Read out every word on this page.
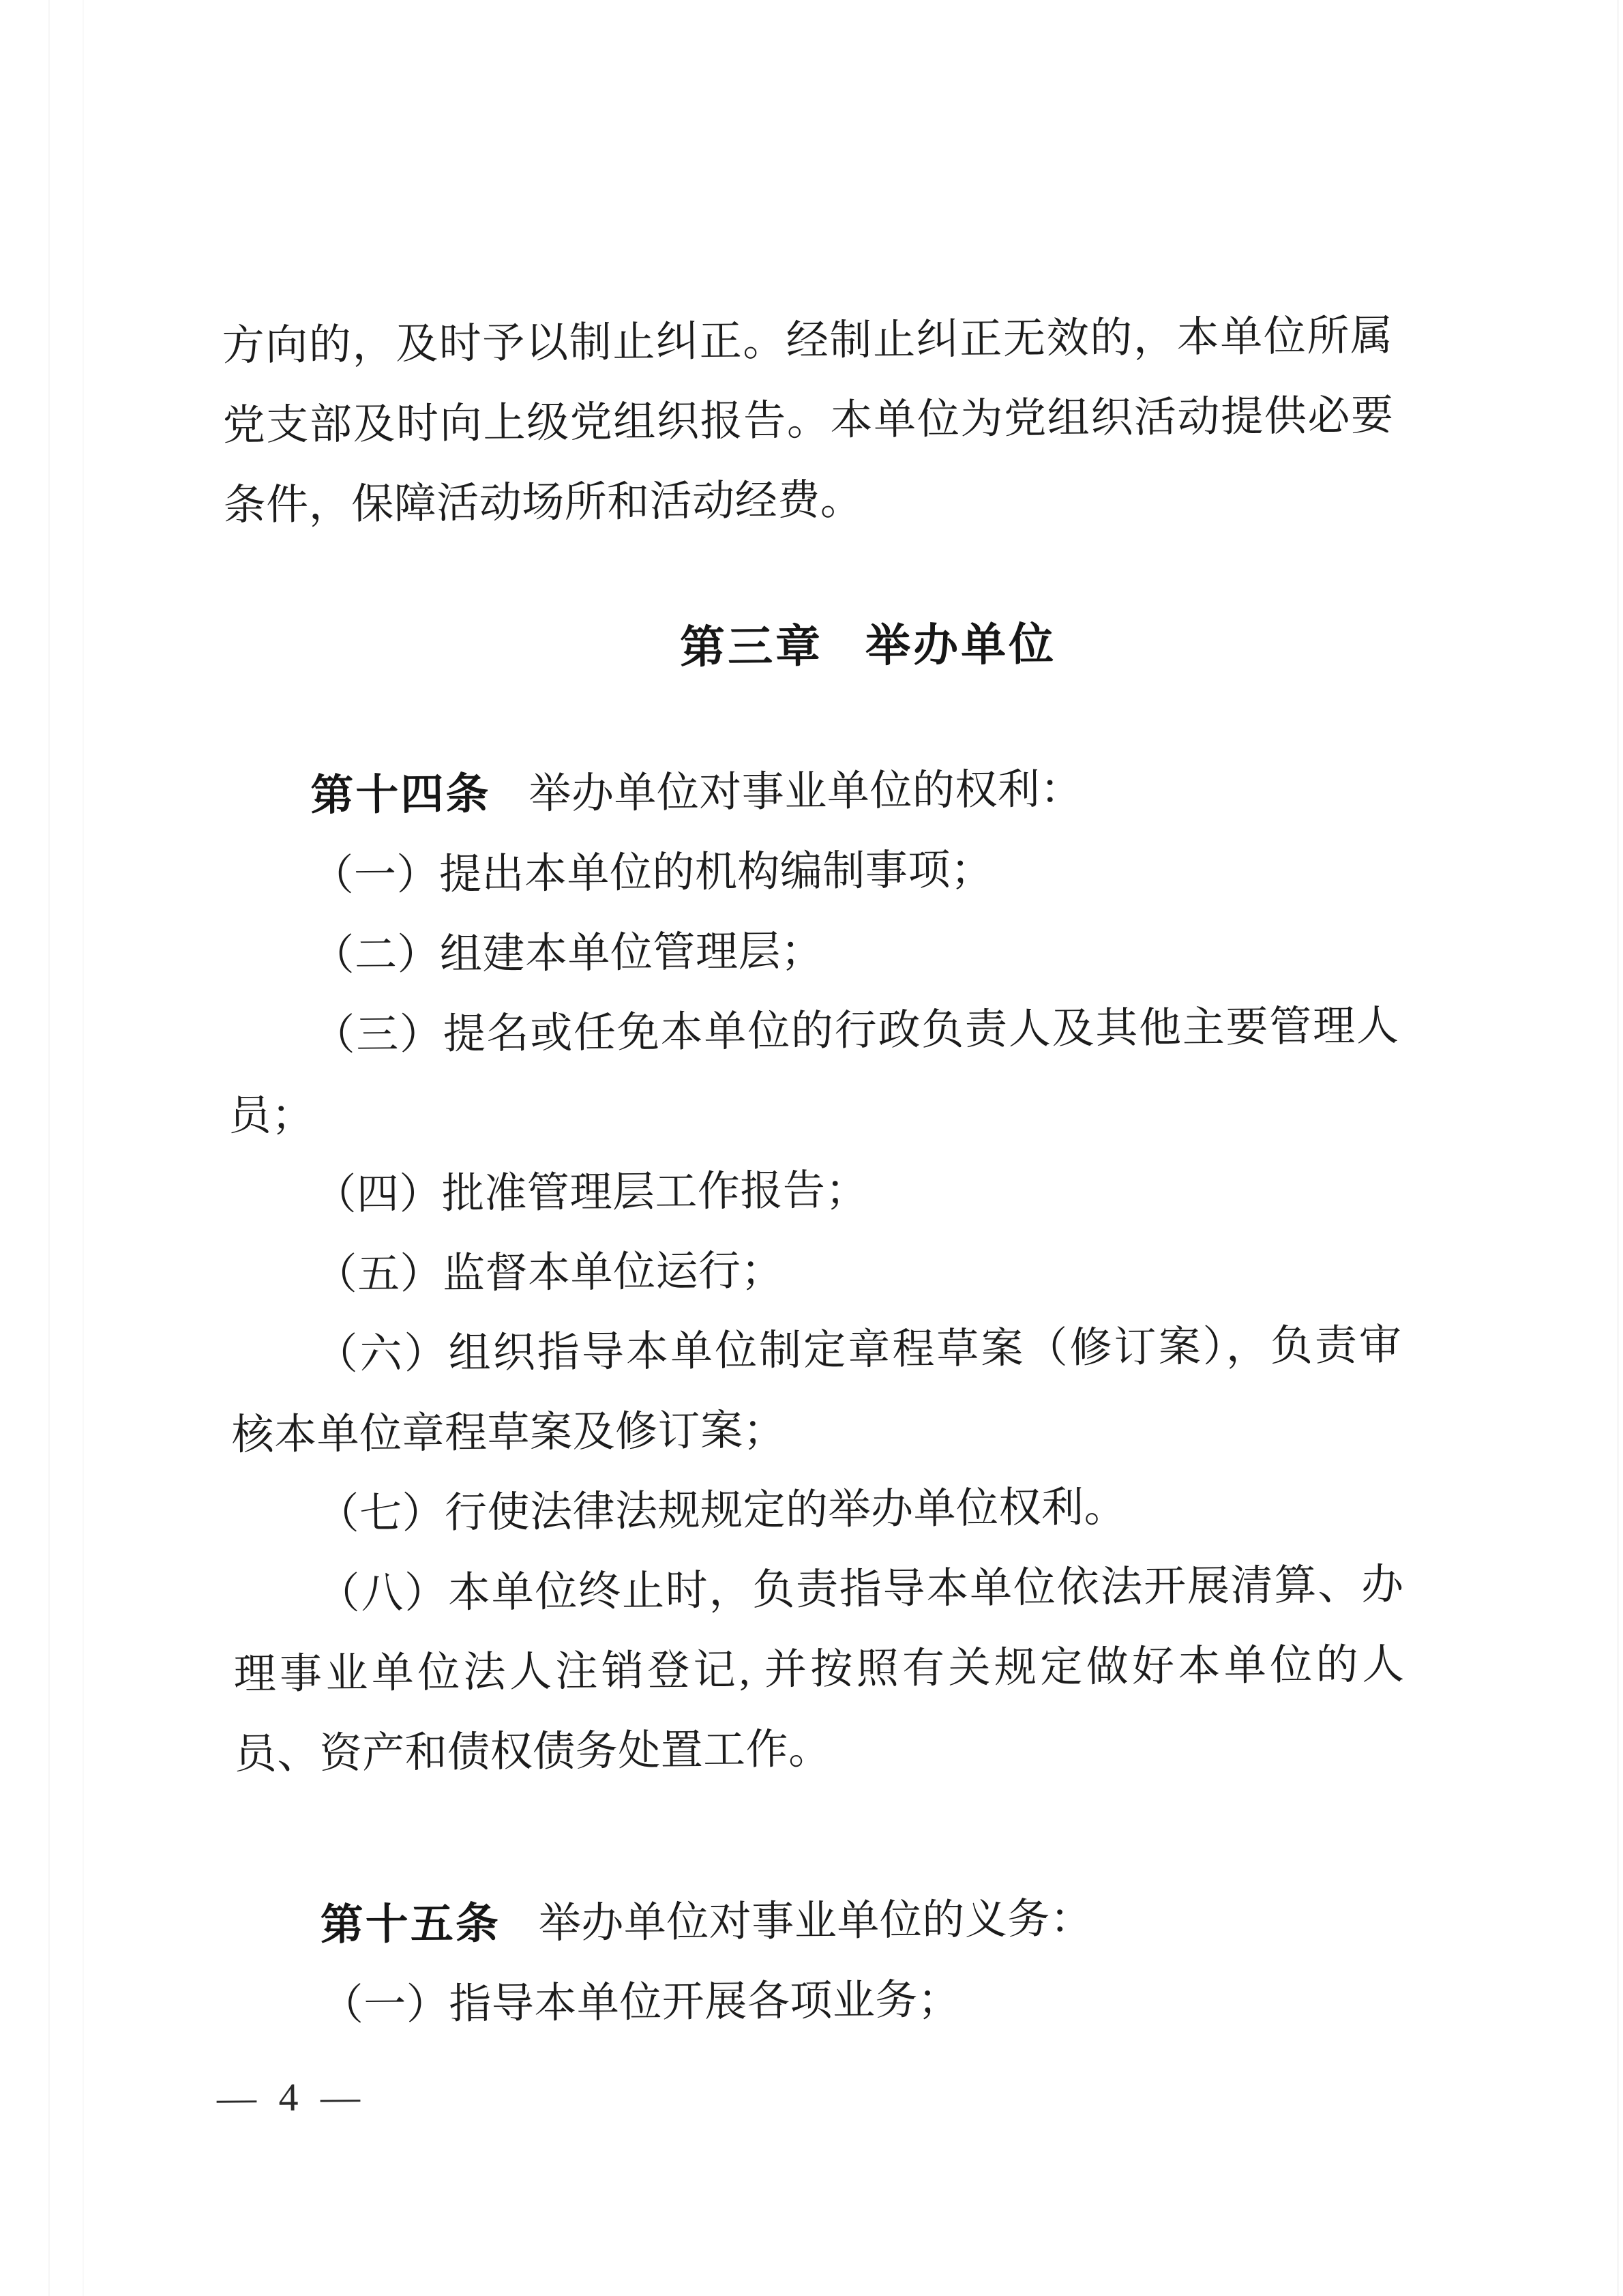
方向的，及时予以制止纠正。经制止纠正无效的，本单位所属党支部及时向上级党组织报告。本单位为党组织活动提供必要条件，保障活动场所和活动经费。

第三章 举办单位

第十四条 举办单位对事业单位的权利：

（一）提出本单位的机构编制事项；

（二）组建本单位管理层；

（三）提名或任免本单位的行政负责人及其他主要管理人员；

（四）批准管理层工作报告；

（五）监督本单位运行；

（六）组织指导本单位制定章程草案（修订案），负责审核本单位章程草案及修订案；

（七）行使法律法规规定的举办单位权利。

（八）本单位终止时，负责指导本单位依法开展清算、办理事业单位法人注销登记, 并按照有关规定做好本单位的人员、资产和债权债务处置工作。

第十五条 举办单位对事业单位的义务：

（一）指导本单位开展各项业务；

— 4 —
